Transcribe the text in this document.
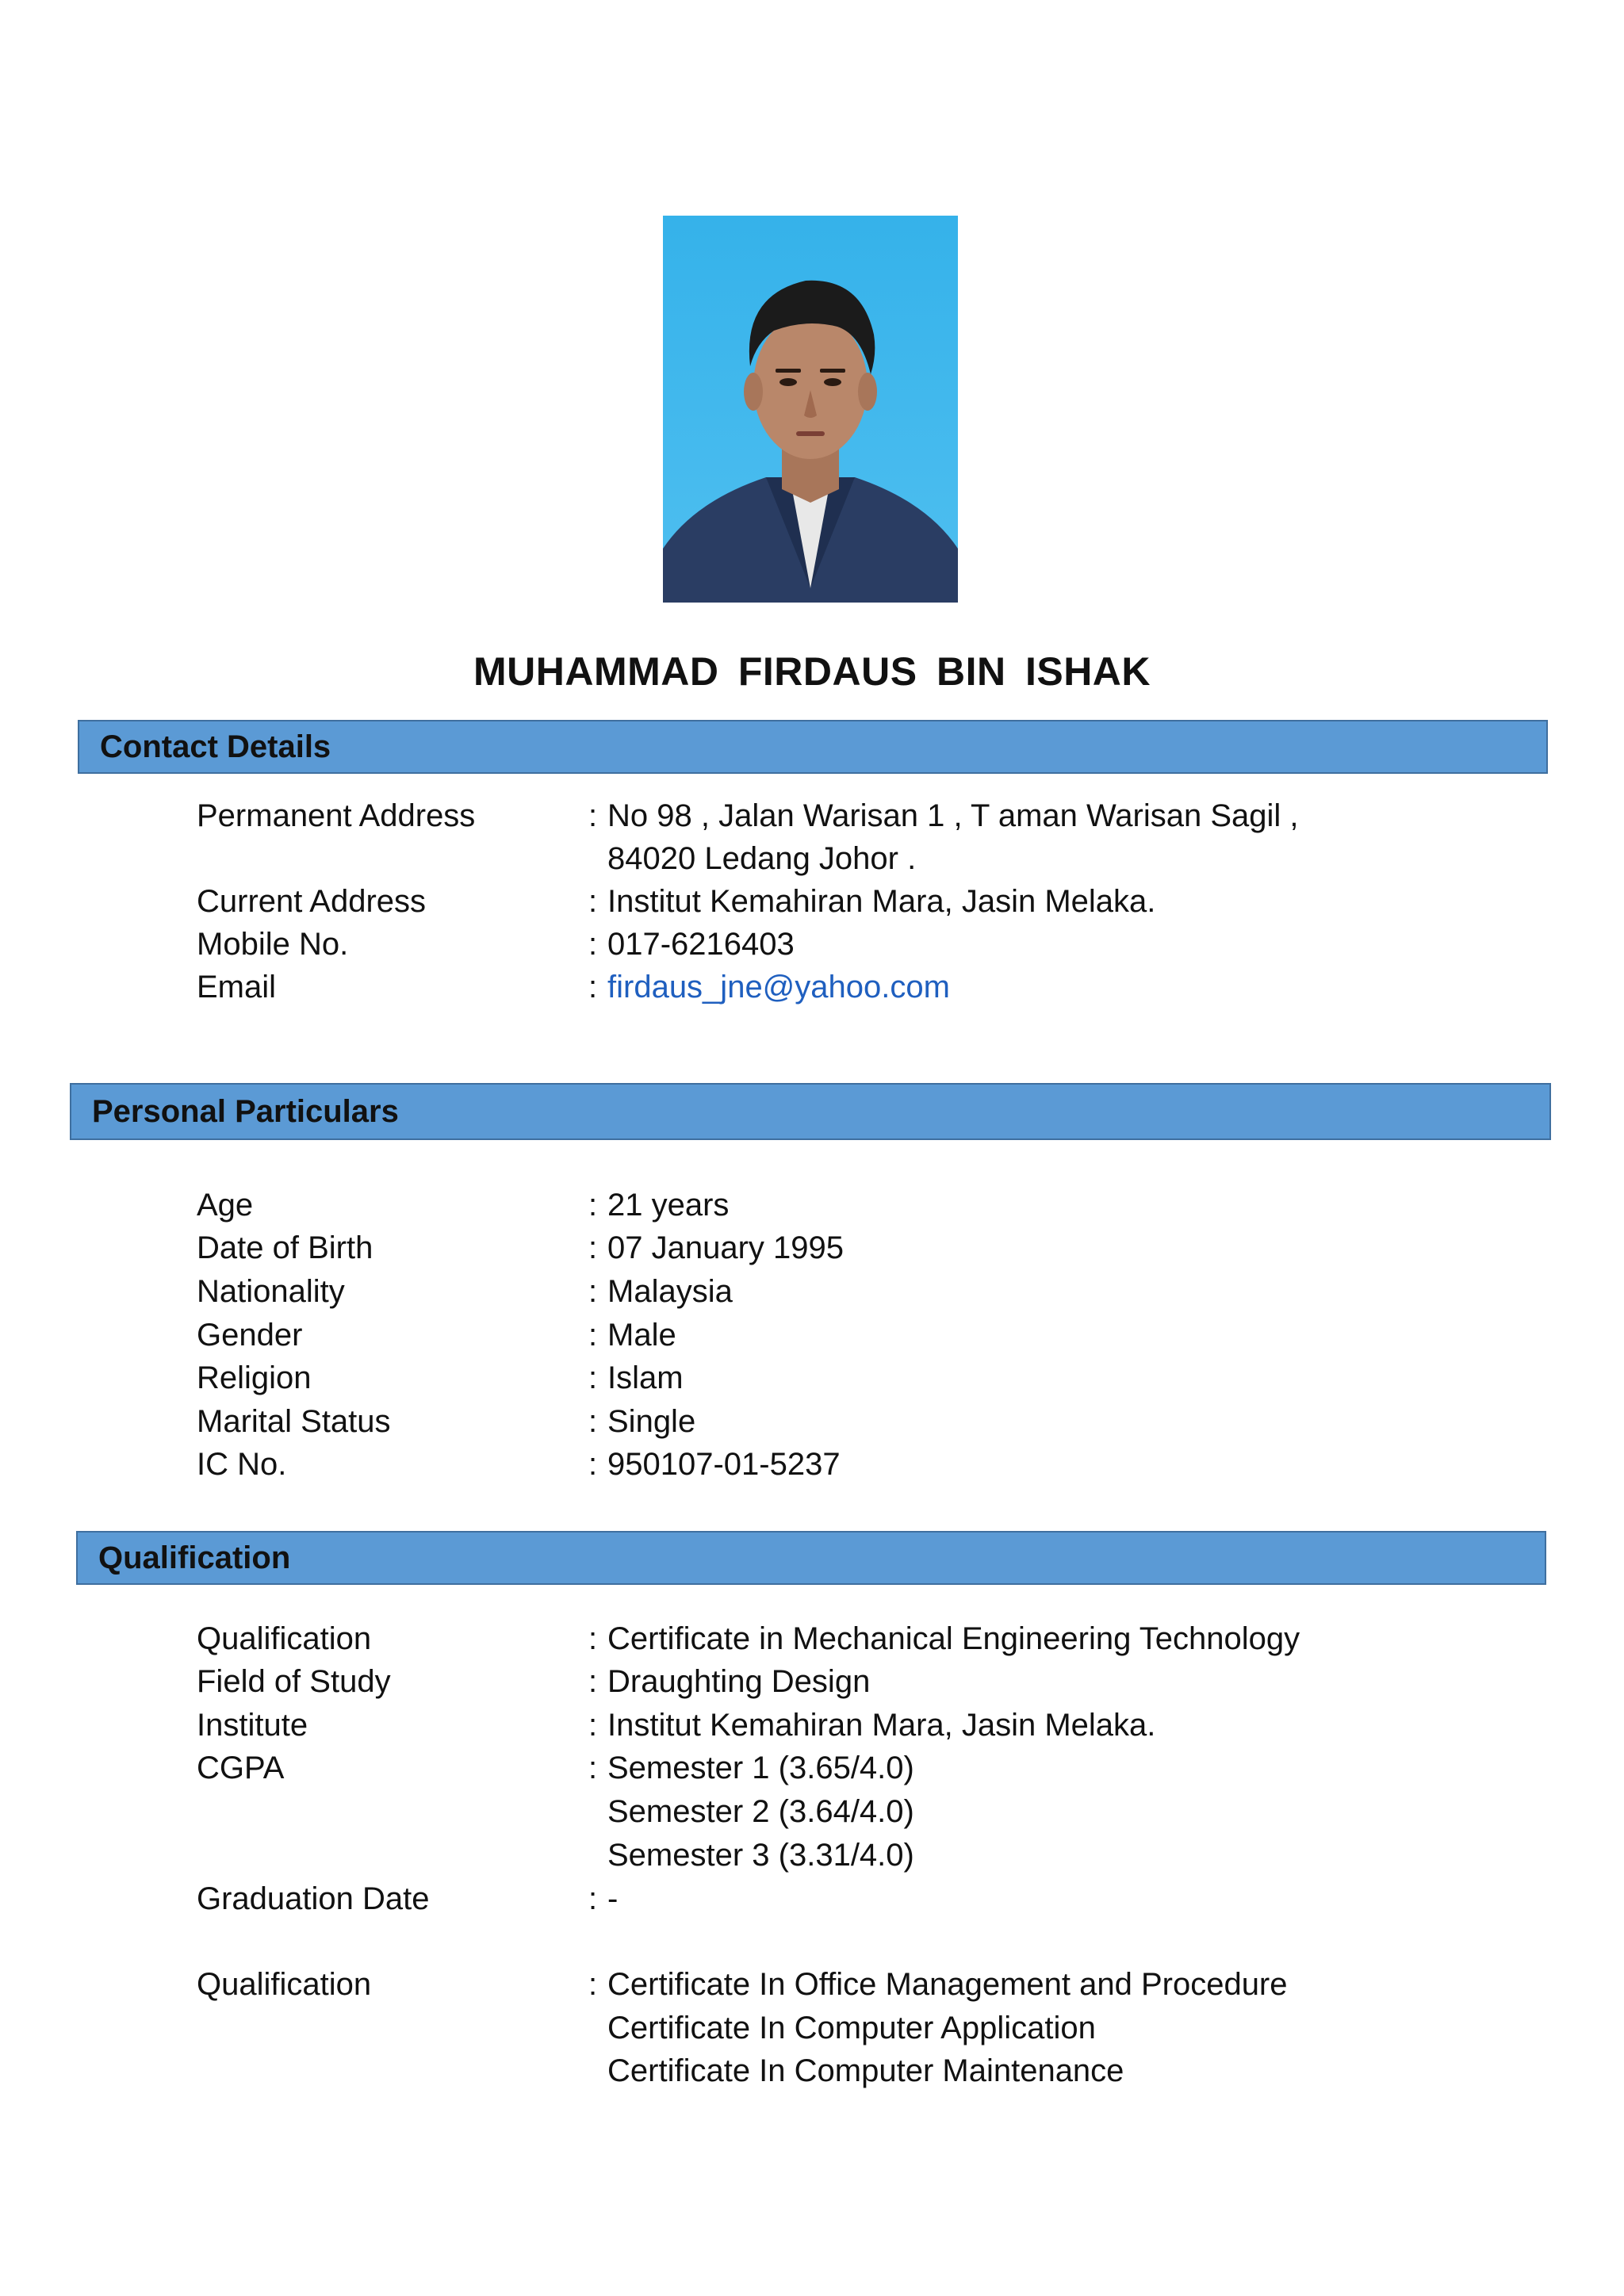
MUHAMMAD FIRDAUS BIN ISHAK
Contact Details
Permanent Address	: No 98 , Jalan Warisan 1 , T aman Warisan Sagil ,
84020 Ledang Johor .
Current Address	: Institut Kemahiran Mara, Jasin Melaka.
Mobile No.	: 017-6216403
Email	: firdaus_jne@yahoo.com
Personal Particulars
Age	: 21 years
Date of Birth	: 07 January 1995
Nationality	: Malaysia
Gender	: Male
Religion	: Islam
Marital Status	: Single
IC No.	: 950107-01-5237
Qualification
Qualification	: Certificate in Mechanical Engineering Technology
Field of Study	: Draughting Design
Institute	: Institut Kemahiran Mara, Jasin Melaka.
CGPA	: Semester 1 (3.65/4.0)
Semester 2 (3.64/4.0)
Semester 3 (3.31/4.0)
Graduation Date	: -
Qualification	: Certificate In Office Management and Procedure
Certificate In Computer Application
Certificate In Computer Maintenance
